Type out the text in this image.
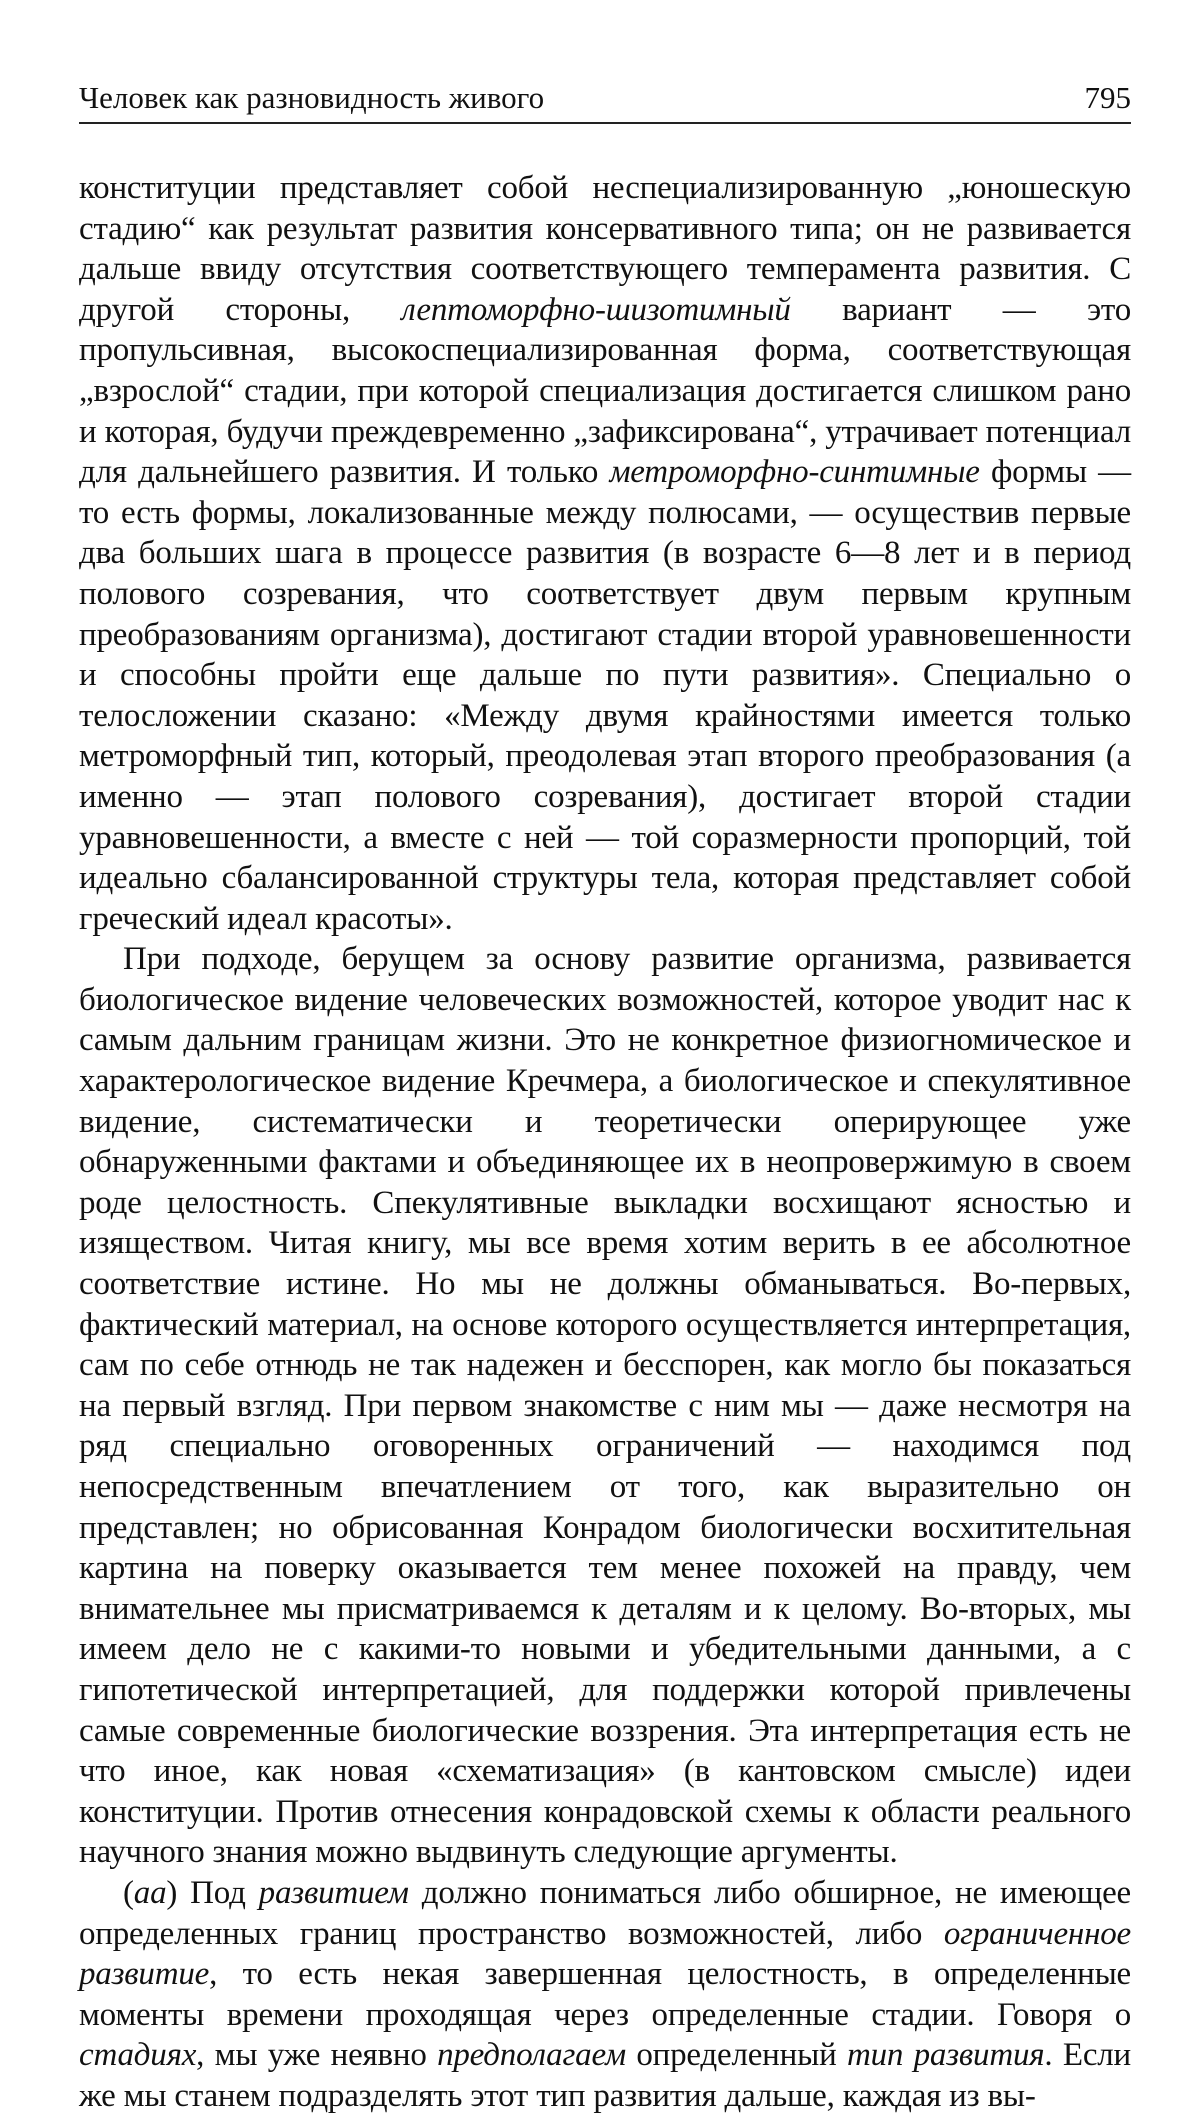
Человек как разновидность живого	795

конституции представляет собой неспециализированную „юношескую стадию“ как результат развития консервативного типа; он не развивается дальше ввиду отсутствия соответствующего темперамента развития. С другой стороны, лептоморфно-шизотимный вариант — это пропульсивная, высокоспециализированная форма, соответствующая „взрослой“ стадии, при которой специализация достигается слишком рано и которая, будучи преждевременно „зафиксирована“, утрачивает потенциал для дальнейшего развития. И только метроморфно-синтимные формы — то есть формы, локализованные между полюсами, — осуществив первые два больших шага в процессе развития (в возрасте 6—8 лет и в период полового созревания, что соответствует двум первым крупным преобразованиям организма), достигают стадии второй уравновешенности и способны пройти еще дальше по пути развития». Специально о телосложении сказано: «Между двумя крайностями имеется только метроморфный тип, который, преодолевая этап второго преобразования (а именно — этап полового созревания), достигает второй стадии уравновешенности, а вместе с ней — той соразмерности пропорций, той идеально сбалансированной структуры тела, которая представляет собой греческий идеал красоты».

При подходе, берущем за основу развитие организма, развивается биологическое видение человеческих возможностей, которое уводит нас к самым дальним границам жизни. Это не конкретное физиогномическое и характерологическое видение Кречмера, а биологическое и спекулятивное видение, систематически и теоретически оперирующее уже обнаруженными фактами и объединяющее их в неопровержимую в своем роде целостность. Спекулятивные выкладки восхищают ясностью и изяществом. Читая книгу, мы все время хотим верить в ее абсолютное соответствие истине. Но мы не должны обманываться. Во-первых, фактический материал, на основе которого осуществляется интерпретация, сам по себе отнюдь не так надежен и бесспорен, как могло бы показаться на первый взгляд. При первом знакомстве с ним мы — даже несмотря на ряд специально оговоренных ограничений — находимся под непосредственным впечатлением от того, как выразительно он представлен; но обрисованная Конрадом биологически восхитительная картина на поверку оказывается тем менее похожей на правду, чем внимательнее мы присматриваемся к деталям и к целому. Во-вторых, мы имеем дело не с какими-то новыми и убедительными данными, а с гипотетической интерпретацией, для поддержки которой привлечены самые современные биологические воззрения. Эта интерпретация есть не что иное, как новая «схематизация» (в кантовском смысле) идеи конституции. Против отнесения конрадовской схемы к области реального научного знания можно выдвинуть следующие аргументы.

(аа) Под развитием должно пониматься либо обширное, не имеющее определенных границ пространство возможностей, либо ограниченное развитие, то есть некая завершенная целостность, в определенные моменты времени проходящая через определенные стадии. Говоря о стадиях, мы уже неявно предполагаем определенный тип развития. Если же мы станем подразделять этот тип развития дальше, каждая из вы-
